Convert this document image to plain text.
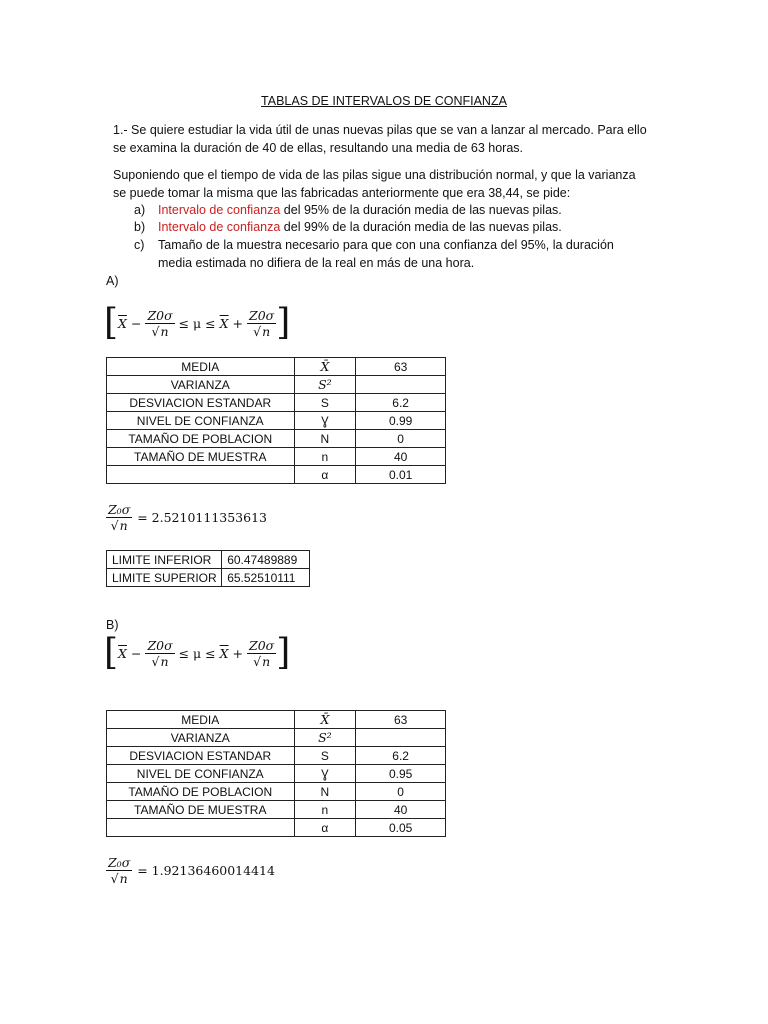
TABLAS DE INTERVALOS DE CONFIANZA
1.- Se quiere estudiar la vida útil de unas nuevas pilas que se van a lanzar al mercado. Para ello
se examina la duración de 40 de ellas, resultando una media de 63 horas.
Suponiendo que el tiempo de vida de las pilas sigue una distribución normal, y que la varianza
se puede tomar la misma que las fabricadas anteriormente que era 38,44, se pide:
a) Intervalo de confianza del 95% de la duración media de las nuevas pilas.
b) Intervalo de confianza del 99% de la duración media de las nuevas pilas.
c) Tamaño de la muestra necesario para que con una confianza del 95%, la duración
media estimada no difiera de la real en más de una hora.
A)
[ $\overline{X} - \frac{Z0\sigma}{√n} \le \mu \le \overline{X} + \frac{Z0\sigma}{√n}$ ]
MEDIA	X̄	63
VARIANZA	S²	
DESVIACION ESTANDAR	S	6.2
NIVEL DE CONFIANZA	Ɣ	0.99
TAMAÑO DE POBLACION	N	0
TAMAÑO DE MUESTRA	n	40
	α	0.01
$\frac{\text{Z₀σ}}{√n} = 2.5210111353613$
LIMITE INFERIOR	60.47489889
LIMITE SUPERIOR	65.52510111
B)
[ $\overline{X} - \frac{Z0\sigma}{√n} \le \mu \le \overline{X} + \frac{Z0\sigma}{√n}$ ]
MEDIA	X̄	63
VARIANZA	S²	
DESVIACION ESTANDAR	S	6.2
NIVEL DE CONFIANZA	Ɣ	0.95
TAMAÑO DE POBLACION	N	0
TAMAÑO DE MUESTRA	n	40
	α	0.05
$\frac{\text{Z₀σ}}{√n} = 1.92136460014414$
